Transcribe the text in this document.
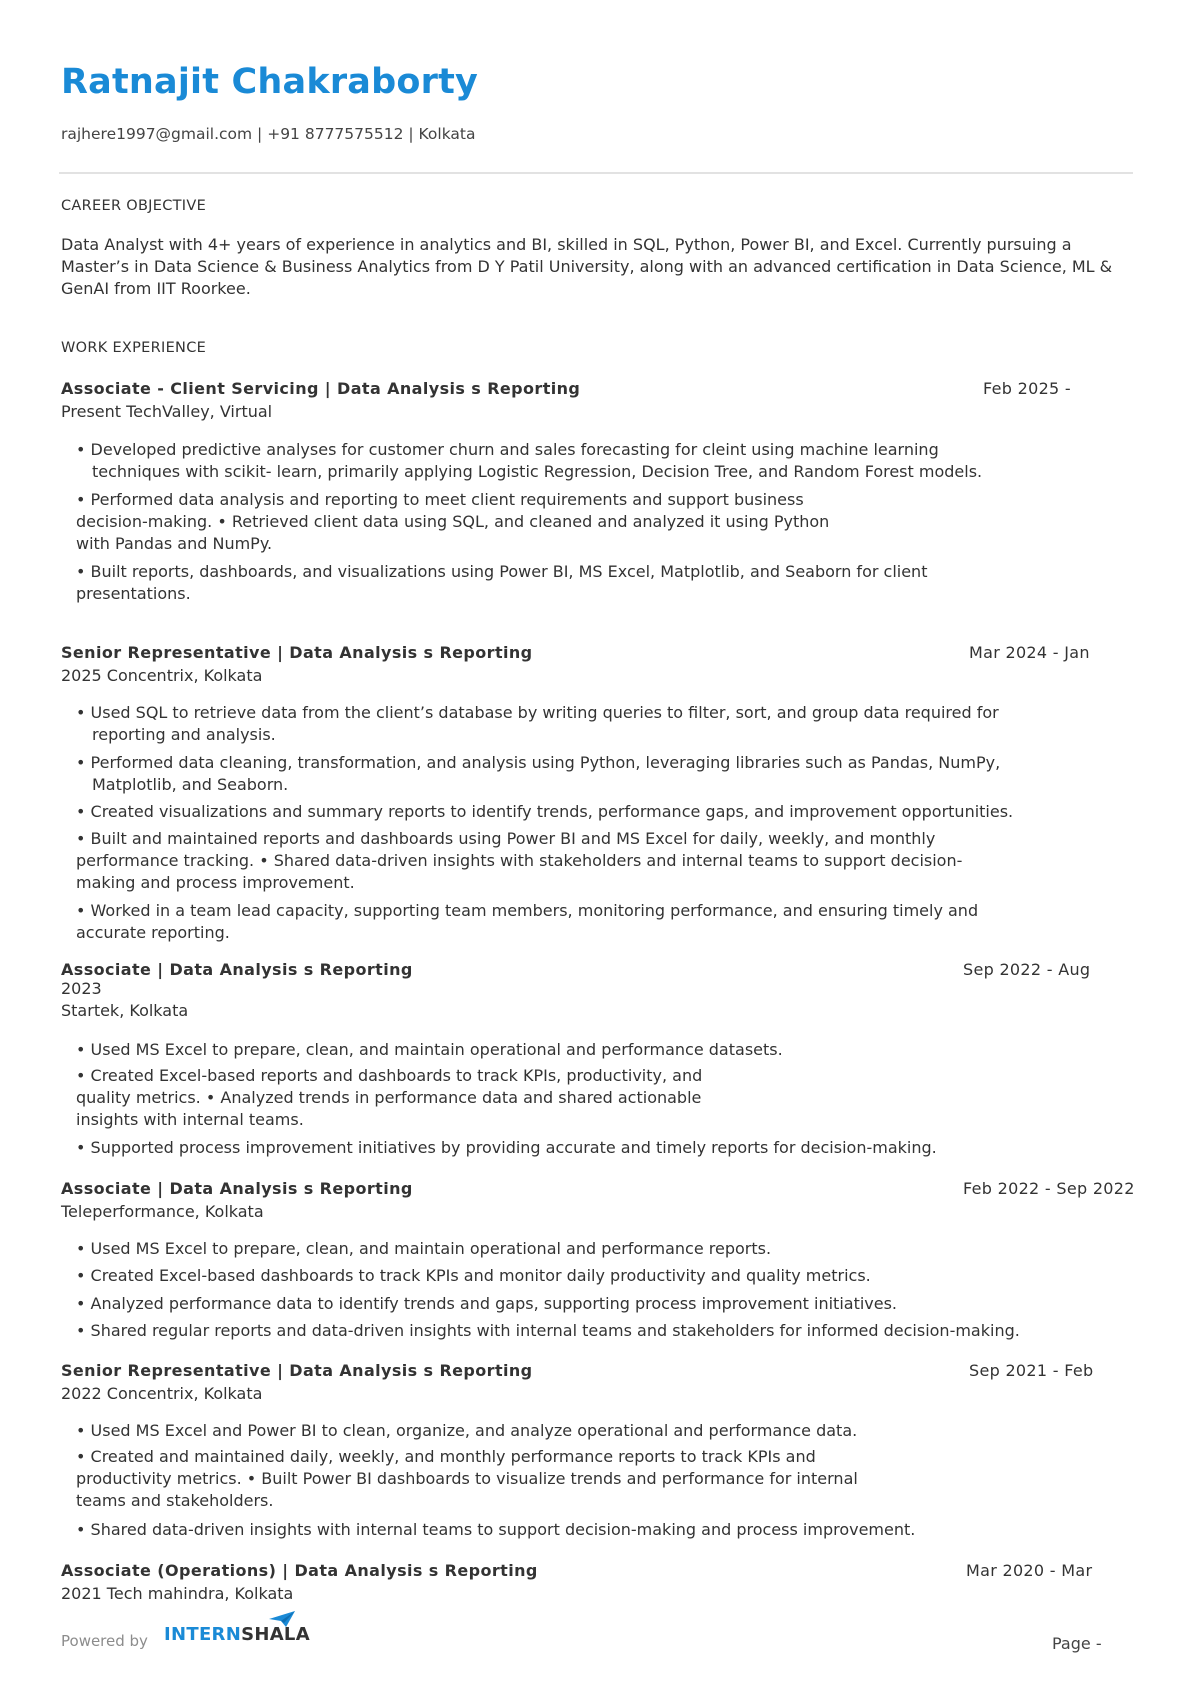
Ratnajit Chakraborty
rajhere1997@gmail.com | +91 8777575512 | Kolkata
CAREER OBJECTIVE
Data Analyst with 4+ years of experience in analytics and BI, skilled in SQL, Python, Power BI, and Excel. Currently pursuing a Master’s in Data Science & Business Analytics from D Y Patil University, along with an advanced certification in Data Science, ML & GenAI from IIT Roorkee.
WORK EXPERIENCE
Associate - Client Servicing | Data Analysis s Reporting	Feb 2025 -
Present TechValley, Virtual
• Developed predictive analyses for customer churn and sales forecasting for cleint using machine learning
techniques with scikit- learn, primarily applying Logistic Regression, Decision Tree, and Random Forest models.
• Performed data analysis and reporting to meet client requirements and support business
decision-making. • Retrieved client data using SQL, and cleaned and analyzed it using Python
with Pandas and NumPy.
• Built reports, dashboards, and visualizations using Power BI, MS Excel, Matplotlib, and Seaborn for client
presentations.
Senior Representative | Data Analysis s Reporting	Mar 2024 - Jan
2025 Concentrix, Kolkata
• Used SQL to retrieve data from the client’s database by writing queries to filter, sort, and group data required for
reporting and analysis.
• Performed data cleaning, transformation, and analysis using Python, leveraging libraries such as Pandas, NumPy,
Matplotlib, and Seaborn.
• Created visualizations and summary reports to identify trends, performance gaps, and improvement opportunities.
• Built and maintained reports and dashboards using Power BI and MS Excel for daily, weekly, and monthly
performance tracking. • Shared data-driven insights with stakeholders and internal teams to support decision-
making and process improvement.
• Worked in a team lead capacity, supporting team members, monitoring performance, and ensuring timely and
accurate reporting.
Associate | Data Analysis s Reporting	Sep 2022 - Aug
2023
Startek, Kolkata
• Used MS Excel to prepare, clean, and maintain operational and performance datasets.
• Created Excel-based reports and dashboards to track KPIs, productivity, and
quality metrics. • Analyzed trends in performance data and shared actionable
insights with internal teams.
• Supported process improvement initiatives by providing accurate and timely reports for decision-making.
Associate | Data Analysis s Reporting	Feb 2022 - Sep 2022
Teleperformance, Kolkata
• Used MS Excel to prepare, clean, and maintain operational and performance reports.
• Created Excel-based dashboards to track KPIs and monitor daily productivity and quality metrics.
• Analyzed performance data to identify trends and gaps, supporting process improvement initiatives.
• Shared regular reports and data-driven insights with internal teams and stakeholders for informed decision-making.
Senior Representative | Data Analysis s Reporting	Sep 2021 - Feb
2022 Concentrix, Kolkata
• Used MS Excel and Power BI to clean, organize, and analyze operational and performance data.
• Created and maintained daily, weekly, and monthly performance reports to track KPIs and
productivity metrics. • Built Power BI dashboards to visualize trends and performance for internal
teams and stakeholders.
• Shared data-driven insights with internal teams to support decision-making and process improvement.
Associate (Operations) | Data Analysis s Reporting	Mar 2020 - Mar
2021 Tech mahindra, Kolkata
Powered by INTERNSHALA	Page -
